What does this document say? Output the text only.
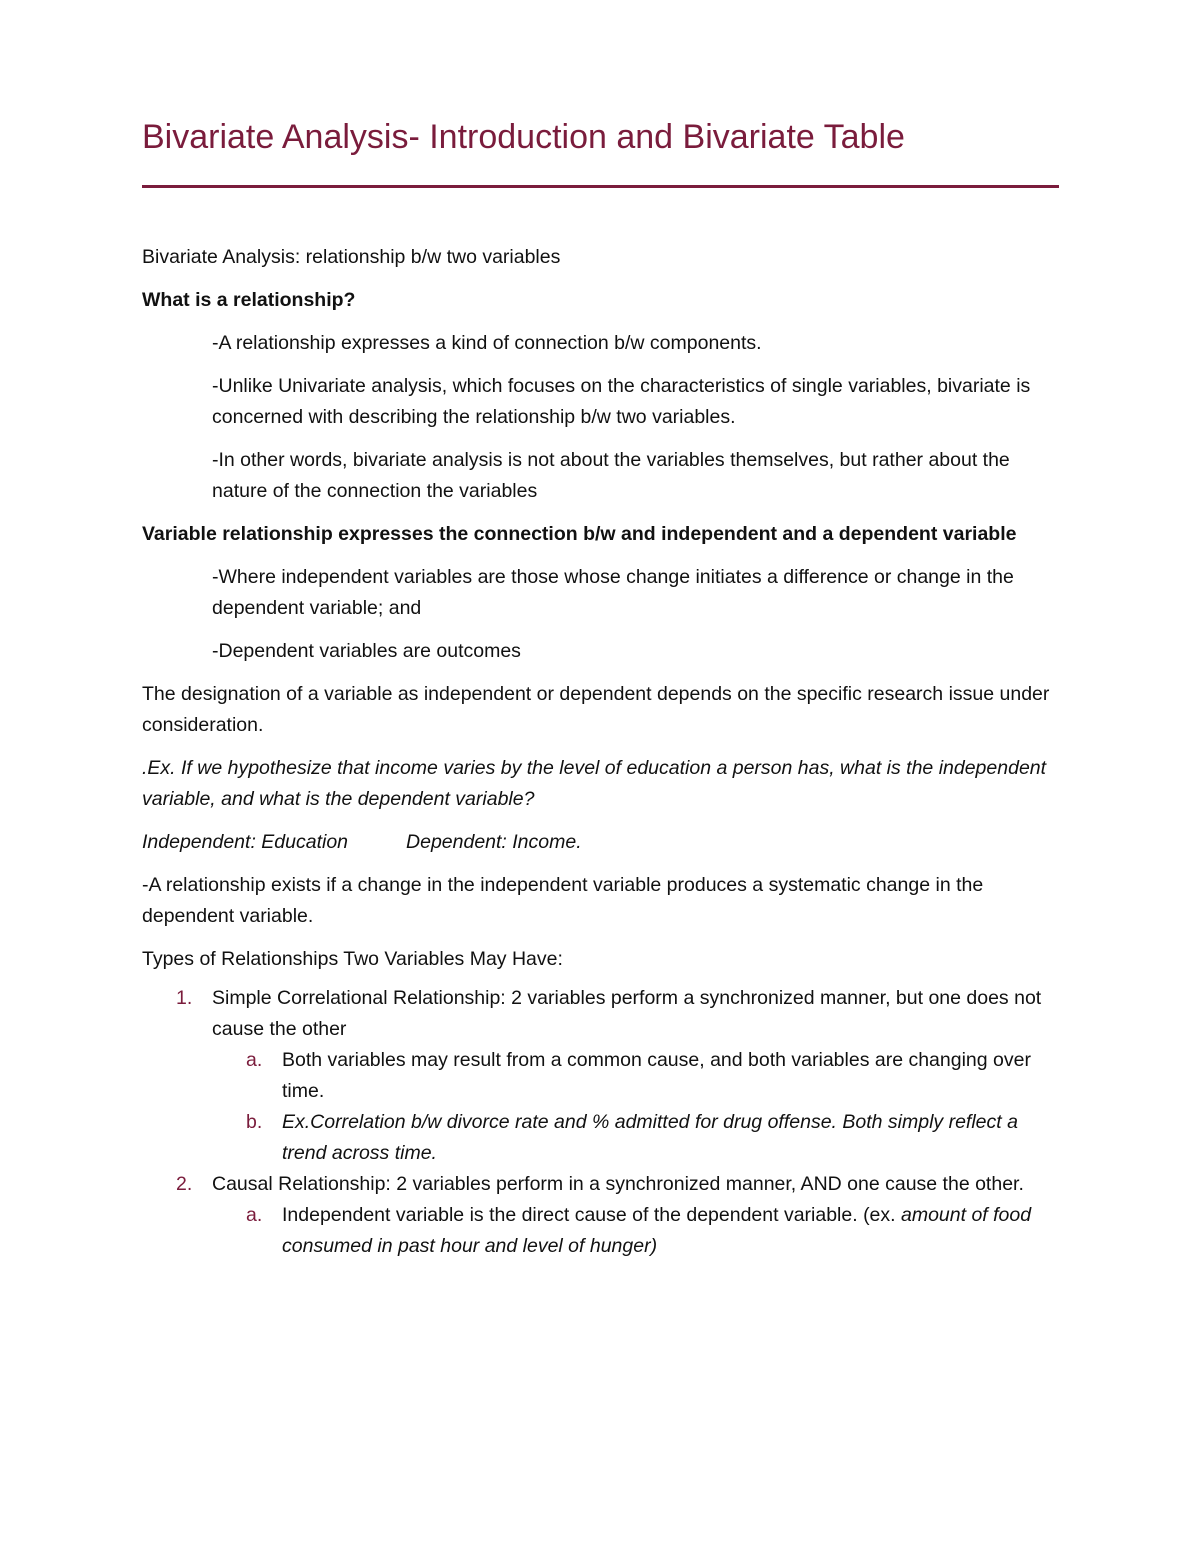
Bivariate Analysis- Introduction and Bivariate Table

Bivariate Analysis: relationship b/w two variables

What is a relationship?

-A relationship expresses a kind of connection b/w components.

-Unlike Univariate analysis, which focuses on the characteristics of single variables, bivariate is concerned with describing the relationship b/w two variables.

-In other words, bivariate analysis is not about the variables themselves, but rather about the nature of the connection the variables

Variable relationship expresses the connection b/w and independent and a dependent variable

-Where independent variables are those whose change initiates a difference or change in the dependent variable; and

-Dependent variables are outcomes

The designation of a variable as independent or dependent depends on the specific research issue under consideration.

.Ex. If we hypothesize that income varies by the level of education a person has, what is the independent variable, and what is the dependent variable?

Independent: Education	Dependent: Income.

-A relationship exists if a change in the independent variable produces a systematic change in the dependent variable.

Types of Relationships Two Variables May Have:

1. Simple Correlational Relationship: 2 variables perform a synchronized manner, but one does not cause the other
a. Both variables may result from a common cause, and both variables are changing over time.
b. Ex.Correlation b/w divorce rate and % admitted for drug offense. Both simply reflect a trend across time.
2. Causal Relationship: 2 variables perform in a synchronized manner, AND one cause the other.
a. Independent variable is the direct cause of the dependent variable. (ex. amount of food consumed in past hour and level of hunger)
